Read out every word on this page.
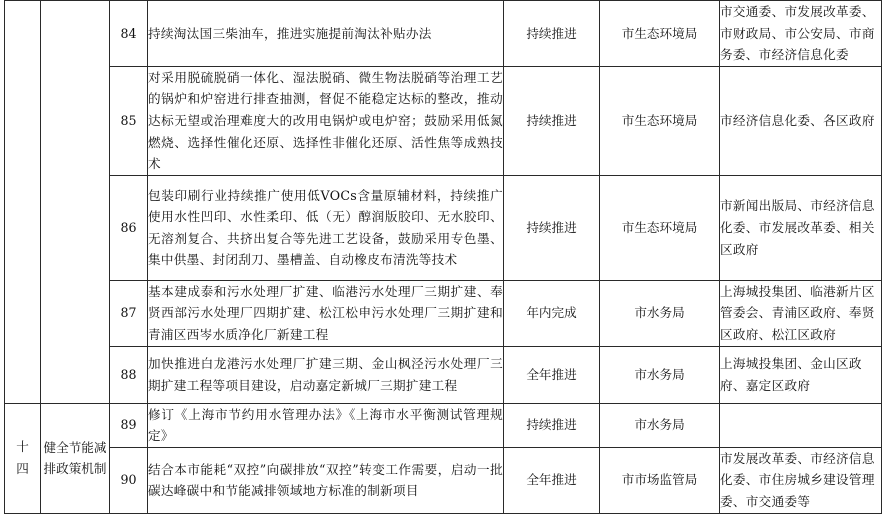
		84	持续淘汰国三柴油车，推进实施提前淘汰补贴办法	持续推进	市生态环境局	市交通委、市发展改革委、市财政局、市公安局、市商务委、市经济信息化委
		85	对采用脱硫脱硝一体化、湿法脱硝、微生物法脱硝等治理工艺的锅炉和炉窑进行排查抽测，督促不能稳定达标的整改，推动达标无望或治理难度大的改用电锅炉或电炉窑；鼓励采用低氮燃烧、选择性催化还原、选择性非催化还原、活性焦等成熟技术	持续推进	市生态环境局	市经济信息化委、各区政府
		86	包装印刷行业持续推广使用低VOCs含量原辅材料，持续推广使用水性凹印、水性柔印、低（无）醇润版胶印、无水胶印、无溶剂复合、共挤出复合等先进工艺设备，鼓励采用专色墨、集中供墨、封闭刮刀、墨槽盖、自动橡皮布清洗等技术	持续推进	市生态环境局	市新闻出版局、市经济信息化委、市发展改革委、相关区政府
		87	基本建成泰和污水处理厂扩建、临港污水处理厂三期扩建、奉贤西部污水处理厂四期扩建、松江松申污水处理厂三期扩建和青浦区西岑水质净化厂新建工程	年内完成	市水务局	上海城投集团、临港新片区管委会、青浦区政府、奉贤区政府、松江区政府
		88	加快推进白龙港污水处理厂扩建三期、金山枫泾污水处理厂三期扩建工程等项目建设，启动嘉定新城厂三期扩建工程	全年推进	市水务局	上海城投集团、金山区政府、嘉定区政府
十四	健全节能减排政策机制	89	修订《上海市节约用水管理办法》《上海市水平衡测试管理规定》	持续推进	市水务局	
		90	结合本市能耗“双控”向碳排放“双控”转变工作需要，启动一批碳达峰碳中和节能减排领域地方标准的制新项目	全年推进	市市场监管局	市发展改革委、市经济信息化委、市住房城乡建设管理委、市交通委等
